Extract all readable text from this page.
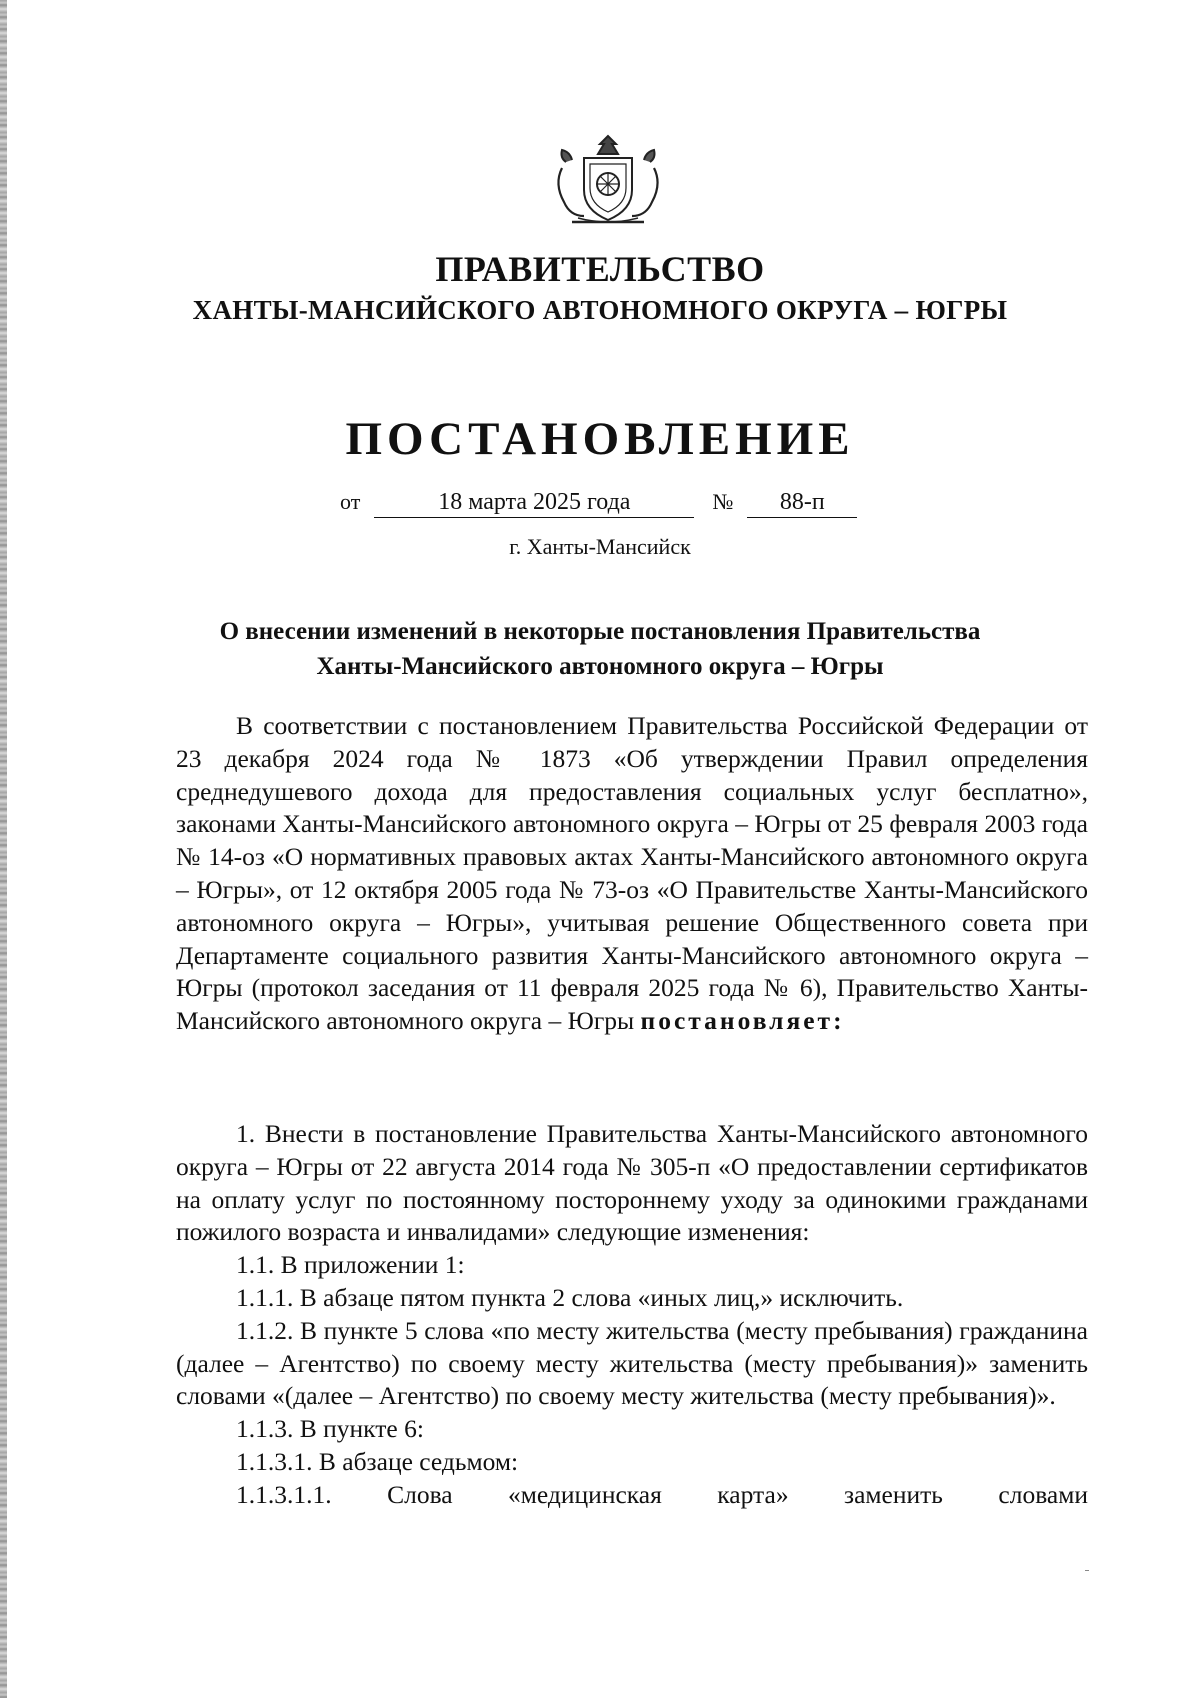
ПРАВИТЕЛЬСТВО
ХАНТЫ-МАНСИЙСКОГО АВТОНОМНОГО ОКРУГА – ЮГРЫ
ПОСТАНОВЛЕНИЕ
от	18 марта 2025 года	№ 88-п
г. Ханты-Мансийск
О внесении изменений в некоторые постановления Правительства
Ханты-Мансийского автономного округа – Югры
В соответствии с постановлением Правительства Российской Федерации от 23 декабря 2024 года № 1873 «Об утверждении Правил определения среднедушевого дохода для предоставления социальных услуг бесплатно», законами Ханты-Мансийского автономного округа – Югры от 25 февраля 2003 года № 14-оз «О нормативных правовых актах Ханты-Мансийского автономного округа – Югры», от 12 октября 2005 года № 73-оз «О Правительстве Ханты-Мансийского автономного округа – Югры», учитывая решение Общественного совета при Департаменте социального развития Ханты-Мансийского автономного округа – Югры (протокол заседания от 11 февраля 2025 года № 6), Правительство Ханты-Мансийского автономного округа – Югры постановляет:
1. Внести в постановление Правительства Ханты-Мансийского автономного округа – Югры от 22 августа 2014 года № 305-п «О предоставлении сертификатов на оплату услуг по постоянному постороннему уходу за одинокими гражданами пожилого возраста и инвалидами» следующие изменения:
1.1. В приложении 1:
1.1.1. В абзаце пятом пункта 2 слова «иных лиц,» исключить.
1.1.2. В пункте 5 слова «по месту жительства (месту пребывания) гражданина (далее – Агентство) по своему месту жительства (месту пребывания)» заменить словами «(далее – Агентство) по своему месту жительства (месту пребывания)».
1.1.3. В пункте 6:
1.1.3.1. В абзаце седьмом:
1.1.3.1.1. Слова «медицинская карта» заменить словами
